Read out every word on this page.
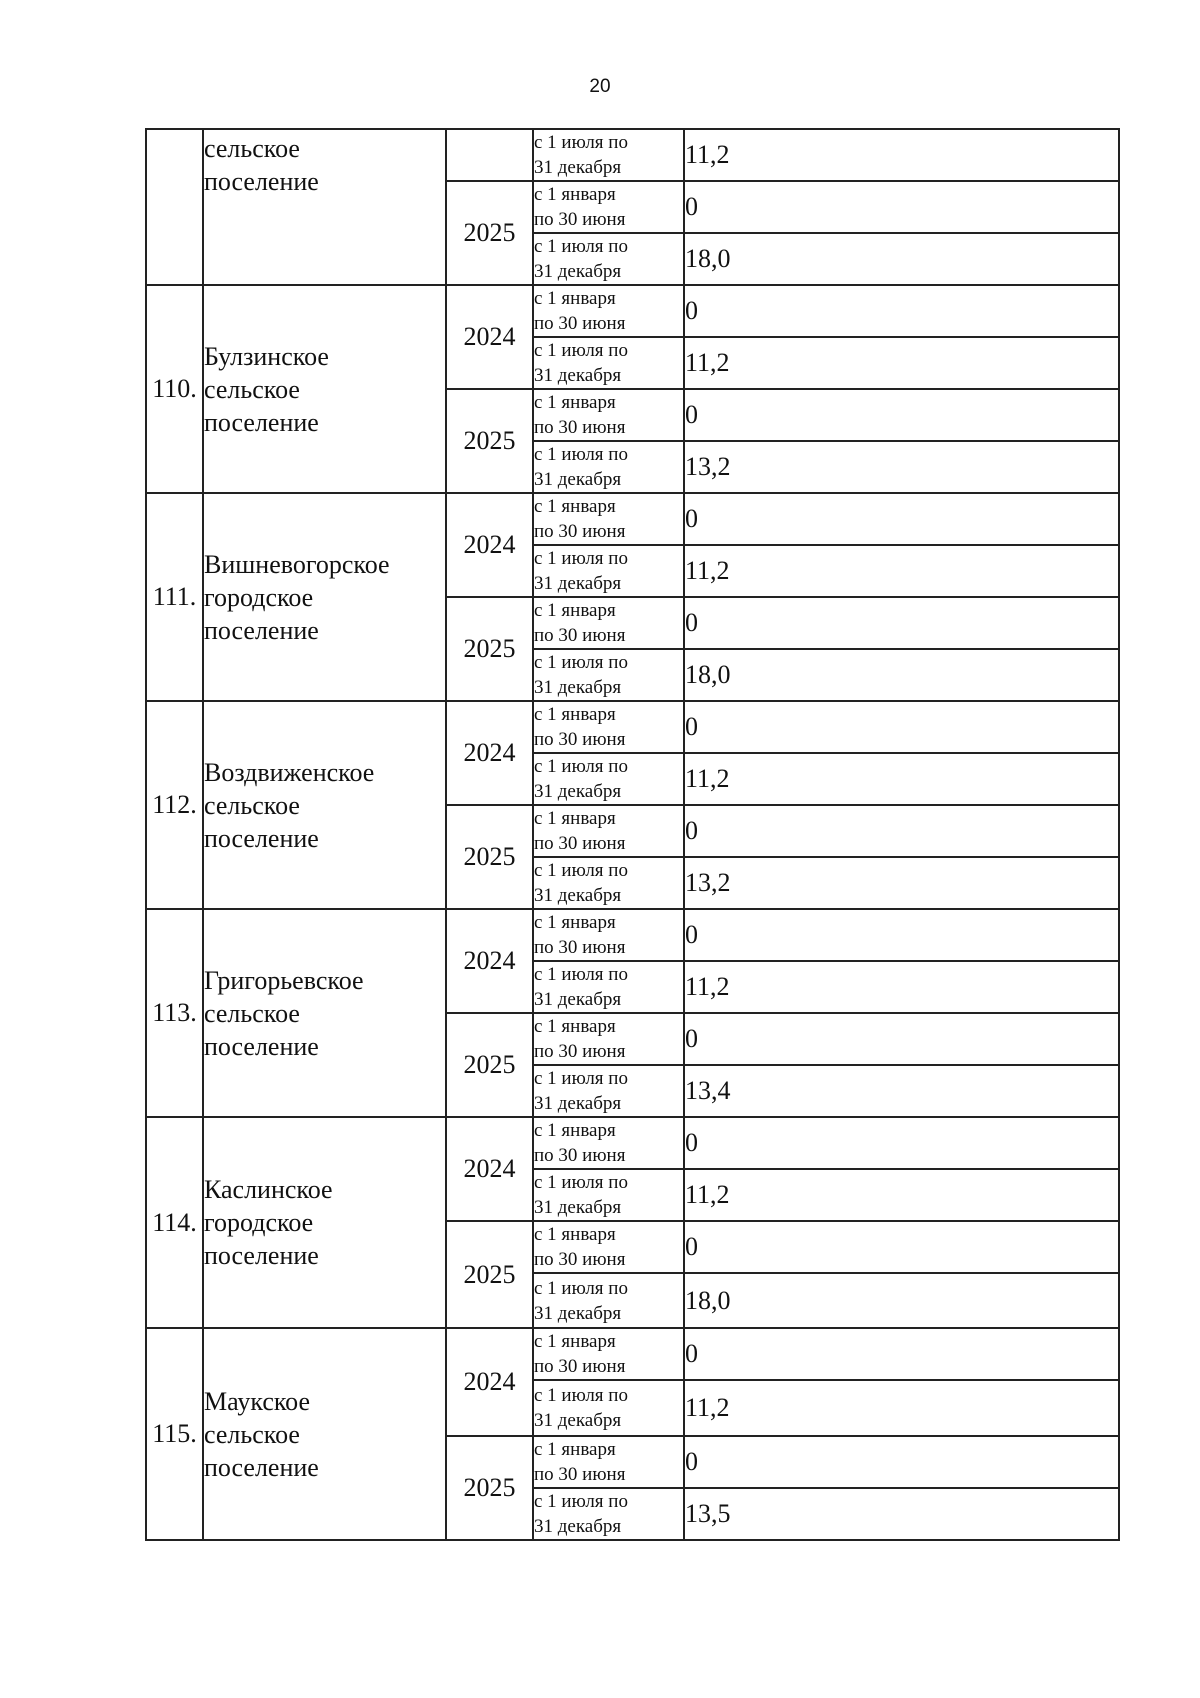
20

	сельское
поселение		с 1 июля по
31 декабря	11,2
		2025	с 1 января
по 30 июня	0

			с 1 июля по
31 декабря	18,0
110.	Булзинское
сельское
поселение	2024	с 1 января
по 30 июня	0

			с 1 июля по
31 декабря	11,2
		2025	с 1 января
по 30 июня	0

			с 1 июля по
31 декабря	13,2
111.	Вишневогорское
городское
поселение	2024	с 1 января
по 30 июня	0

			с 1 июля по
31 декабря	11,2
		2025	с 1 января
по 30 июня	0

			с 1 июля по
31 декабря	18,0
112.	Воздвиженское
сельское
поселение	2024	с 1 января
по 30 июня	0

			с 1 июля по
31 декабря	11,2
		2025	с 1 января
по 30 июня	0

			с 1 июля по
31 декабря	13,2
113.	Григорьевское
сельское
поселение	2024	с 1 января
по 30 июня	0

			с 1 июля по
31 декабря	11,2
		2025	с 1 января
по 30 июня	0

			с 1 июля по
31 декабря	13,4
114.	Каслинское
городское
поселение	2024	с 1 января
по 30 июня	0

			с 1 июля по
31 декабря	11,2
		2025	с 1 января
по 30 июня	0

			с 1 июля по
31 декабря	18,0
115.	Маукское
сельское
поселение	2024	с 1 января
по 30 июня	0

			с 1 июля по
31 декабря	11,2
		2025	с 1 января
по 30 июня	0

			с 1 июля по
31 декабря	13,5
